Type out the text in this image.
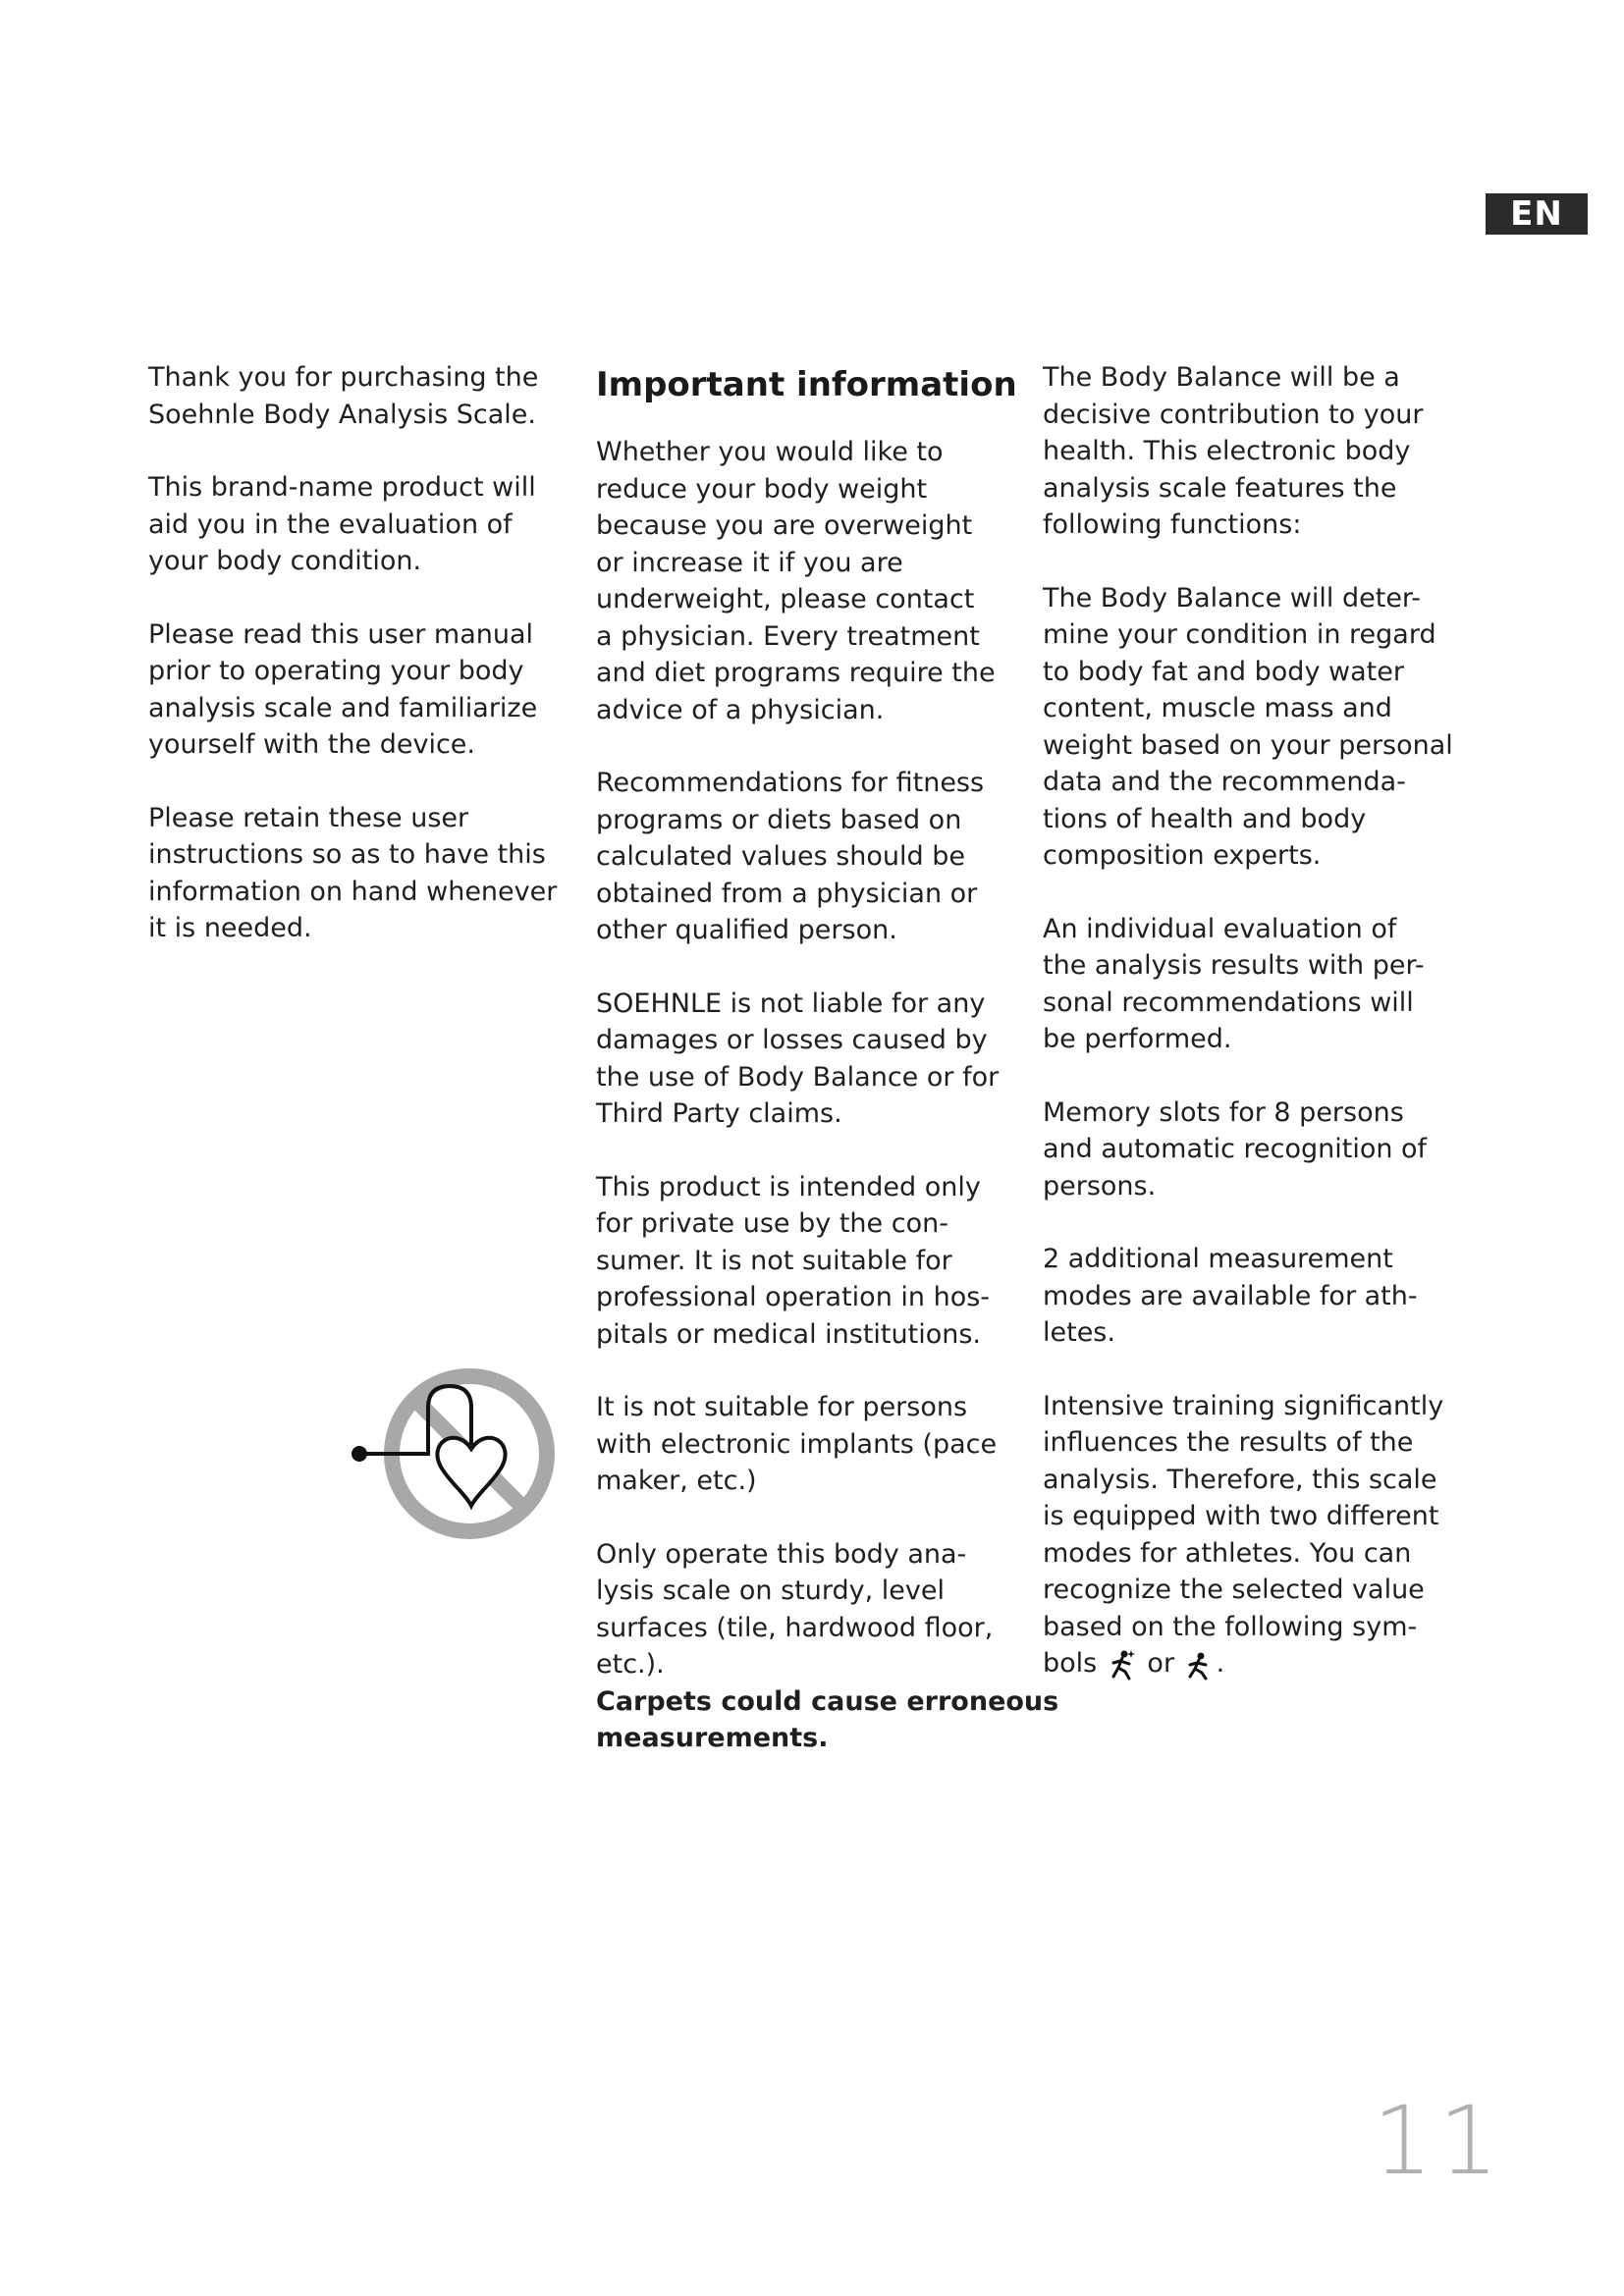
EN

Thank you for purchasing the
Soehnle Body Analysis Scale.

This brand-name product will
aid you in the evaluation of
your body condition.

Please read this user manual
prior to operating your body
analysis scale and familiarize
yourself with the device.

Please retain these user
instructions so as to have this
information on hand whenever
it is needed.

Important information

Whether you would like to
reduce your body weight
because you are overweight
or increase it if you are
underweight, please contact
a physician. Every treatment
and diet programs require the
advice of a physician.

Recommendations for fitness
programs or diets based on
calculated values should be
obtained from a physician or
other qualified person.

SOEHNLE is not liable for any
damages or losses caused by
the use of Body Balance or for
Third Party claims.

This product is intended only
for private use by the con-
sumer. It is not suitable for
professional operation in hos-
pitals or medical institutions.

It is not suitable for persons
with electronic implants (pace
maker, etc.)

Only operate this body ana-
lysis scale on sturdy, level
surfaces (tile, hardwood floor,
etc.).

Carpets could cause erroneous
measurements.

The Body Balance will be a
decisive contribution to your
health. This electronic body
analysis scale features the
following functions:

The Body Balance will deter-
mine your condition in regard
to body fat and body water
content, muscle mass and
weight based on your personal
data and the recommenda-
tions of health and body
composition experts.

An individual evaluation of
the analysis results with per-
sonal recommendations will
be performed.

Memory slots for 8 persons
and automatic recognition of
persons.

2 additional measurement
modes are available for ath-
letes.

Intensive training significantly
influences the results of the
analysis. Therefore, this scale
is equipped with two different
modes for athletes. You can
recognize the selected value
based on the following sym-
bols or .

11
